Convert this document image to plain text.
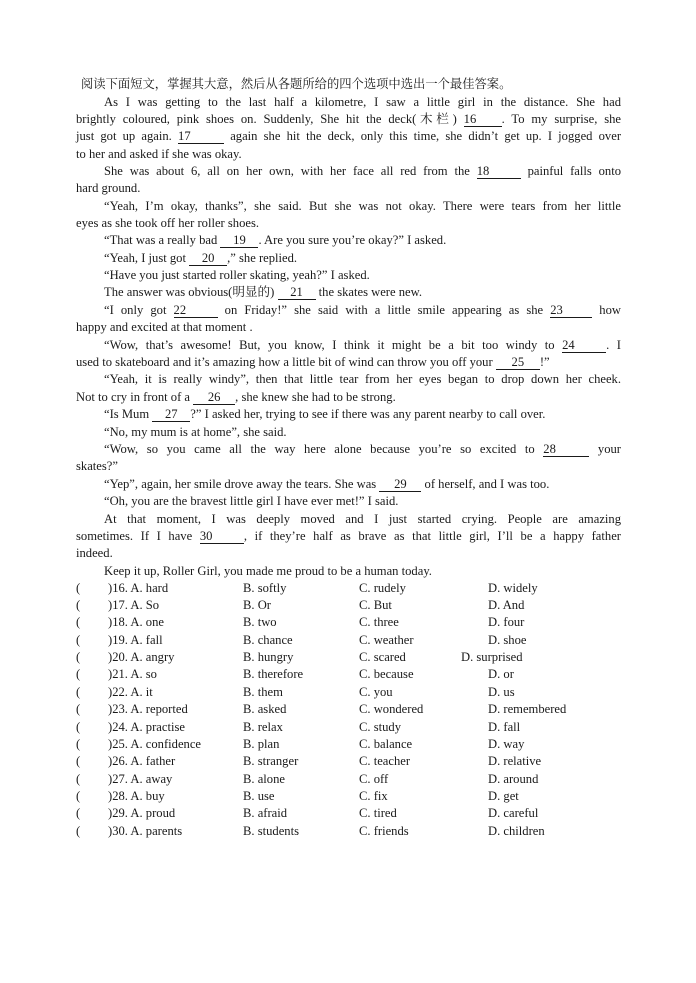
阅读下面短文，掌握其大意，然后从各题所给的四个选项中选出一个最佳答案。
As I was getting to the last half a kilometre, I saw a little girl in the distance. She had
brightly coloured, pink shoes on. Suddenly, She hit the deck(木栏) 16 . To my surprise, she
just got up again. 17	again she hit the deck, only this time, she didn’t get up. I jogged over
to her and asked if she was okay.
She was about 6, all on her own, with her face all red from the 18	painful falls onto
hard ground.
“Yeah, I’m okay, thanks”, she said. But she was not okay. There were tears from her little
eyes as she took off her roller shoes.
“That was a really bad 19 . Are you sure you’re okay?” I asked.
“Yeah, I just got 20 ,” she replied.
“Have you just started roller skating, yeah?” I asked.
The answer was obvious(明显的) 21 the skates were new.
“I only got 22	on Friday!” she said with a little smile appearing as she 23	how
happy and excited at that moment .
“Wow, that’s awesome! But, you know, I think it might be a bit too windy to 24 . I
used to skateboard and it’s amazing how a little bit of wind can throw you off your 25 !”
“Yeah, it is really windy”, then that little tear from her eyes began to drop down her cheek.
Not to cry in front of a 26 , she knew she had to be strong.
“Is Mum 27 ?” I asked her, trying to see if there was any parent nearby to call over.
“No, my mum is at home”, she said.
“Wow, so you came all the way here alone because you’re so excited to 28	your
skates?”
“Yep”, again, her smile drove away the tears. She was 29 of herself, and I was too.
“Oh, you are the bravest little girl I have ever met!” I said.
At that moment, I was deeply moved and I just started crying. People are amazing
sometimes. If I have 30 , if they’re half as brave as that little girl, I’ll be a happy father
indeed.
Keep it up, Roller Girl, you made me proud to be a human today.
( )16. A. hard	B. softly	C. rudely	D. widely
( )17. A. So	B. Or	C. But	D. And
( )18. A. one	B. two	C. three	D. four
( )19. A. fall	B. chance	C. weather	D. shoe
( )20. A. angry	B. hungry	C. scared	D. surprised
( )21. A. so	B. therefore	C. because	D. or
( )22. A. it	B. them	C. you	D. us
( )23. A. reported	B. asked	C. wondered	D. remembered
( )24. A. practise	B. relax	C. study	D. fall
( )25. A. confidence	B. plan	C. balance	D. way
( )26. A. father	B. stranger	C. teacher	D. relative
( )27. A. away	B. alone	C. off	D. around
( )28. A. buy	B. use	C. fix	D. get
( )29. A. proud	B. afraid	C. tired	D. careful
( )30. A. parents	B. students	C. friends	D. children
